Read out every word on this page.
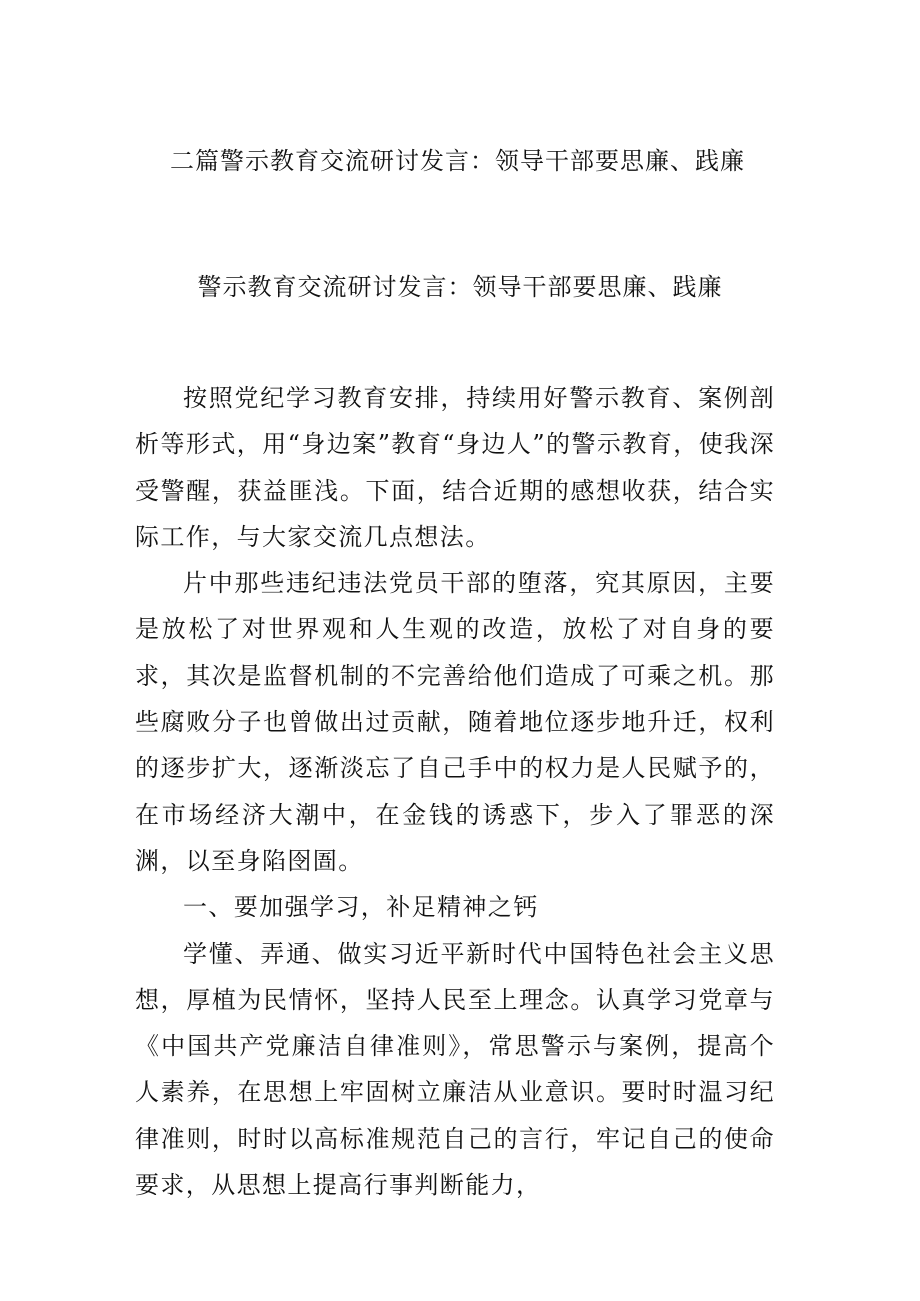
二篇警示教育交流研讨发言：领导干部要思廉、践廉
警示教育交流研讨发言：领导干部要思廉、践廉

按照党纪学习教育安排，持续用好警示教育、案例剖析等形式，用“身边案”教育“身边人”的警示教育，使我深受警醒，获益匪浅。下面，结合近期的感想收获，结合实际工作，与大家交流几点想法。

片中那些违纪违法党员干部的堕落，究其原因，主要是放松了对世界观和人生观的改造，放松了对自身的要求，其次是监督机制的不完善给他们造成了可乘之机。那些腐败分子也曾做出过贡献，随着地位逐步地升迁，权利的逐步扩大，逐渐淡忘了自己手中的权力是人民赋予的，在市场经济大潮中，在金钱的诱惑下，步入了罪恶的深渊，以至身陷囹圄。

一、要加强学习，补足精神之钙

学懂、弄通、做实习近平新时代中国特色社会主义思想，厚植为民情怀，坚持人民至上理念。认真学习党章与《中国共产党廉洁自律准则》，常思警示与案例，提高个人素养，在思想上牢固树立廉洁从业意识。要时时温习纪律准则，时时以高标准规范自己的言行，牢记自己的使命要求，从思想上提高行事判断能力，
